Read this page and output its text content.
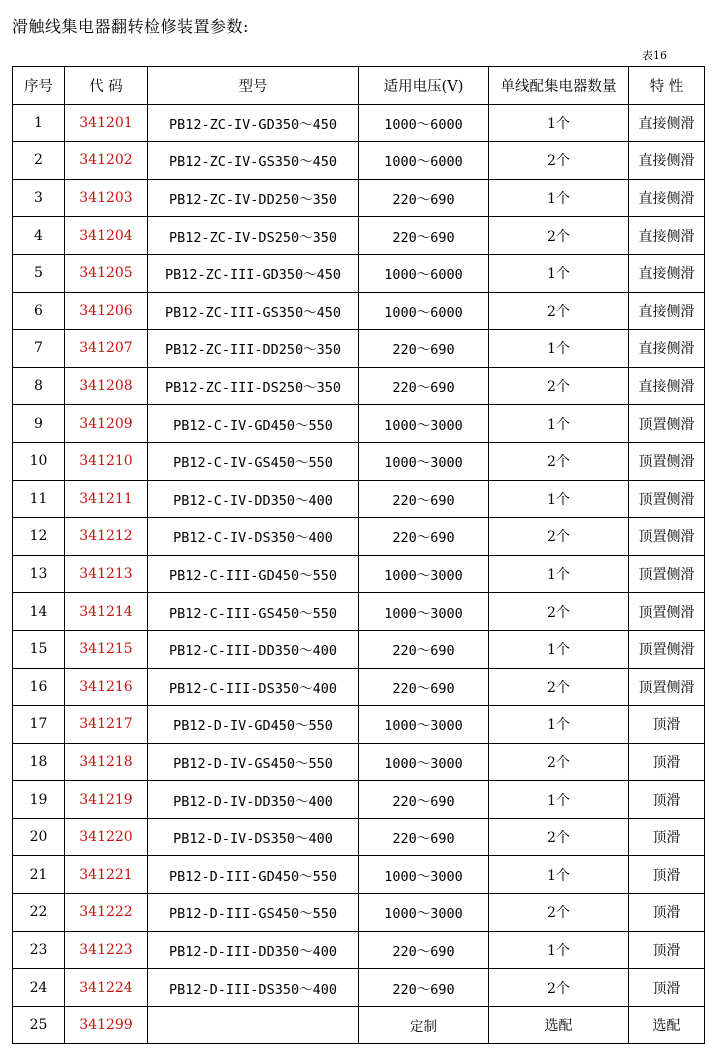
滑触线集电器翻转检修装置参数:
表16
序号	代 码	型号	适用电压(V)	单线配集电器数量	特 性
1	341201	PB12-ZC-IV-GD350～450	1000～6000	1个	直接侧滑
2	341202	PB12-ZC-IV-GS350～450	1000～6000	2个	直接侧滑
3	341203	PB12-ZC-IV-DD250～350	220～690	1个	直接侧滑
4	341204	PB12-ZC-IV-DS250～350	220～690	2个	直接侧滑
5	341205	PB12-ZC-III-GD350～450	1000～6000	1个	直接侧滑
6	341206	PB12-ZC-III-GS350～450	1000～6000	2个	直接侧滑
7	341207	PB12-ZC-III-DD250～350	220～690	1个	直接侧滑
8	341208	PB12-ZC-III-DS250～350	220～690	2个	直接侧滑
9	341209	PB12-C-IV-GD450～550	1000～3000	1个	顶置侧滑
10	341210	PB12-C-IV-GS450～550	1000～3000	2个	顶置侧滑
11	341211	PB12-C-IV-DD350～400	220～690	1个	顶置侧滑
12	341212	PB12-C-IV-DS350～400	220～690	2个	顶置侧滑
13	341213	PB12-C-III-GD450～550	1000～3000	1个	顶置侧滑
14	341214	PB12-C-III-GS450～550	1000～3000	2个	顶置侧滑
15	341215	PB12-C-III-DD350～400	220～690	1个	顶置侧滑
16	341216	PB12-C-III-DS350～400	220～690	2个	顶置侧滑
17	341217	PB12-D-IV-GD450～550	1000～3000	1个	顶滑
18	341218	PB12-D-IV-GS450～550	1000～3000	2个	顶滑
19	341219	PB12-D-IV-DD350～400	220～690	1个	顶滑
20	341220	PB12-D-IV-DS350～400	220～690	2个	顶滑
21	341221	PB12-D-III-GD450～550	1000～3000	1个	顶滑
22	341222	PB12-D-III-GS450～550	1000～3000	2个	顶滑
23	341223	PB12-D-III-DD350～400	220～690	1个	顶滑
24	341224	PB12-D-III-DS350～400	220～690	2个	顶滑
25	341299		定制	选配	选配
